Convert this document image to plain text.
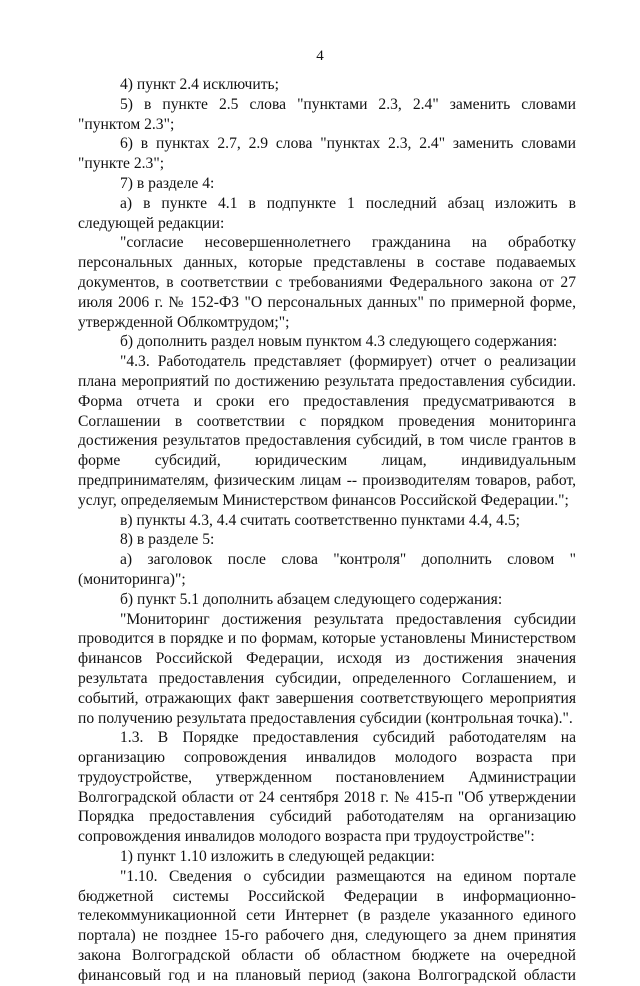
4

4) пункт 2.4 исключить;

5) в пункте 2.5 слова "пунктами 2.3, 2.4" заменить словами "пунктом 2.3";

6) в пунктах 2.7, 2.9 слова "пунктах 2.3, 2.4" заменить словами "пункте 2.3";

7) в разделе 4:

а) в пункте 4.1 в подпункте 1 последний абзац изложить в следующей редакции:

"согласие несовершеннолетнего гражданина на обработку персональных данных, которые представлены в составе подаваемых документов, в соответствии с требованиями Федерального закона от 27 июля 2006 г. № 152-ФЗ "О персональных данных" по примерной форме, утвержденной Облкомтрудом;";

б) дополнить раздел новым пунктом 4.3 следующего содержания:

"4.3. Работодатель представляет (формирует) отчет о реализации плана мероприятий по достижению результата предоставления субсидии. Форма отчета и сроки его предоставления предусматриваются в Соглашении в соответствии с порядком проведения мониторинга достижения результатов предоставления субсидий, в том числе грантов в форме субсидий, юридическим лицам, индивидуальным предпринимателям, физическим лицам -- производителям товаров, работ, услуг, определяемым Министерством финансов Российской Федерации.";

в) пункты 4.3, 4.4 считать соответственно пунктами 4.4, 4.5;

8) в разделе 5:

а) заголовок после слова "контроля" дополнить словом "(мониторинга)";

б) пункт 5.1 дополнить абзацем следующего содержания:

"Мониторинг достижения результата предоставления субсидии проводится в порядке и по формам, которые установлены Министерством финансов Российской Федерации, исходя из достижения значения результата предоставления субсидии, определенного Соглашением, и событий, отражающих факт завершения соответствующего мероприятия по получению результата предоставления субсидии (контрольная точка).".

1.3. В Порядке предоставления субсидий работодателям на организацию сопровождения инвалидов молодого возраста при трудоустройстве, утвержденном постановлением Администрации Волгоградской области от 24 сентября 2018 г. № 415-п "Об утверждении Порядка предоставления субсидий работодателям на организацию сопровождения инвалидов молодого возраста при трудоустройстве":

1) пункт 1.10 изложить в следующей редакции:

"1.10. Сведения о субсидии размещаются на едином портале бюджетной системы Российской Федерации в информационно-телекоммуникационной сети Интернет (в разделе указанного единого портала) не позднее 15-го рабочего дня, следующего за днем принятия закона Волгоградской области об областном бюджете на очередной финансовый год и на плановый период (закона Волгоградской области
